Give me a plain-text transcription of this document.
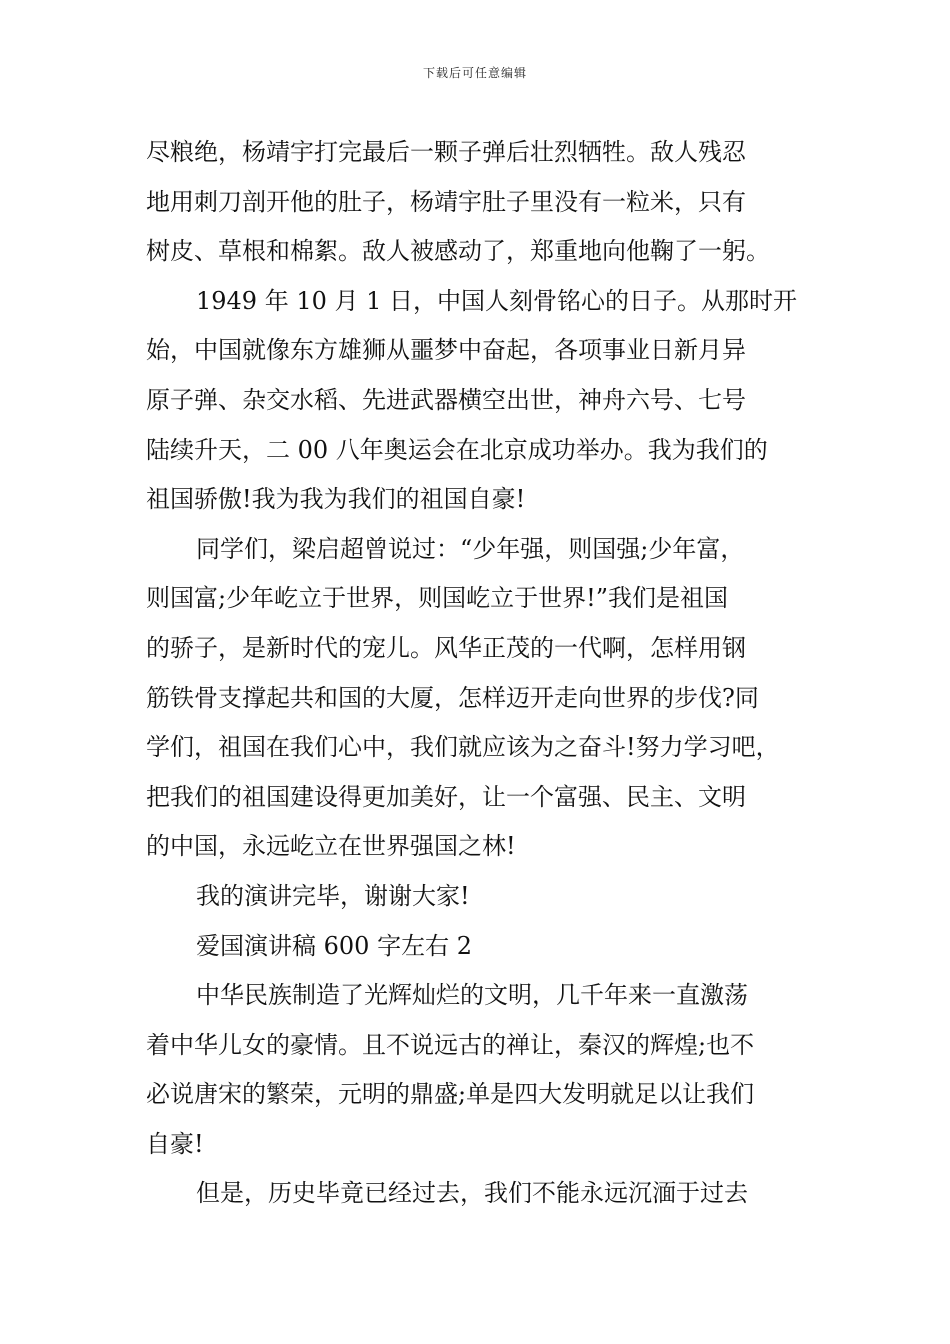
下载后可任意编辑
尽粮绝，杨靖宇打完最后一颗子弹后壮烈牺牲。敌人残忍
地用刺刀剖开他的肚子，杨靖宇肚子里没有一粒米，只有
树皮、草根和棉絮。敌人被感动了，郑重地向他鞠了一躬。
1949 年 10 月 1 日，中国人刻骨铭心的日子。从那时开
始，中国就像东方雄狮从噩梦中奋起，各项事业日新月异
原子弹、杂交水稻、先进武器横空出世，神舟六号、七号
陆续升天，二 00 八年奥运会在北京成功举办。我为我们的
祖国骄傲!我为我为我们的祖国自豪!
同学们，梁启超曾说过：“少年强，则国强;少年富，
则国富;少年屹立于世界，则国屹立于世界!”我们是祖国
的骄子，是新时代的宠儿。风华正茂的一代啊，怎样用钢
筋铁骨支撑起共和国的大厦，怎样迈开走向世界的步伐?同
学们，祖国在我们心中，我们就应该为之奋斗!努力学习吧，
把我们的祖国建设得更加美好，让一个富强、民主、文明
的中国，永远屹立在世界强国之林!
我的演讲完毕，谢谢大家!
爱国演讲稿 600 字左右 2
中华民族制造了光辉灿烂的文明，几千年来一直激荡
着中华儿女的豪情。且不说远古的禅让，秦汉的辉煌;也不
必说唐宋的繁荣，元明的鼎盛;单是四大发明就足以让我们
自豪!
但是，历史毕竟已经过去，我们不能永远沉湎于过去
